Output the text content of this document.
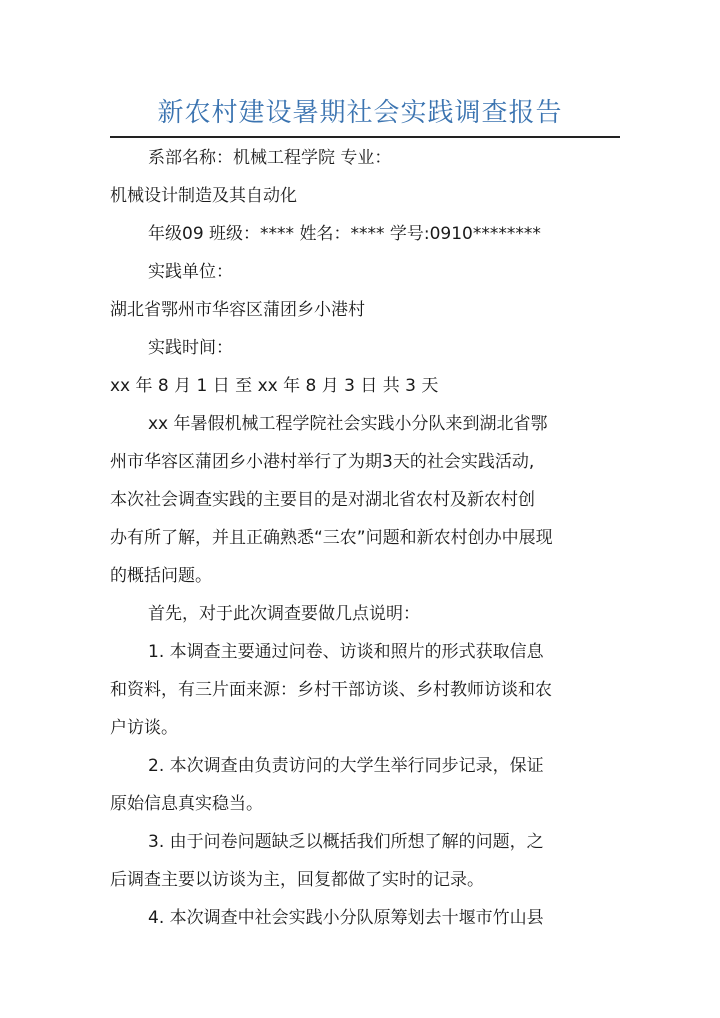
新农村建设暑期社会实践调查报告
系部名称：机械工程学院 专业：
机械设计制造及其自动化
年级09 班级：**** 姓名：**** 学号:0910********
实践单位：
湖北省鄂州市华容区蒲团乡小港村
实践时间：
xx 年 8 月 1 日 至 xx 年 8 月 3 日 共 3 天
xx 年暑假机械工程学院社会实践小分队来到湖北省鄂
州市华容区蒲团乡小港村举行了为期3天的社会实践活动,
本次社会调查实践的主要目的是对湖北省农村及新农村创
办有所了解，并且正确熟悉“三农”问题和新农村创办中展现
的概括问题。
首先，对于此次调查要做几点说明：
1. 本调查主要通过问卷、访谈和照片的形式获取信息
和资料，有三片面来源：乡村干部访谈、乡村教师访谈和农
户访谈。
2. 本次调查由负责访问的大学生举行同步记录，保证
原始信息真实稳当。
3. 由于问卷问题缺乏以概括我们所想了解的问题，之
后调查主要以访谈为主，回复都做了实时的记录。
4. 本次调查中社会实践小分队原筹划去十堰市竹山县
